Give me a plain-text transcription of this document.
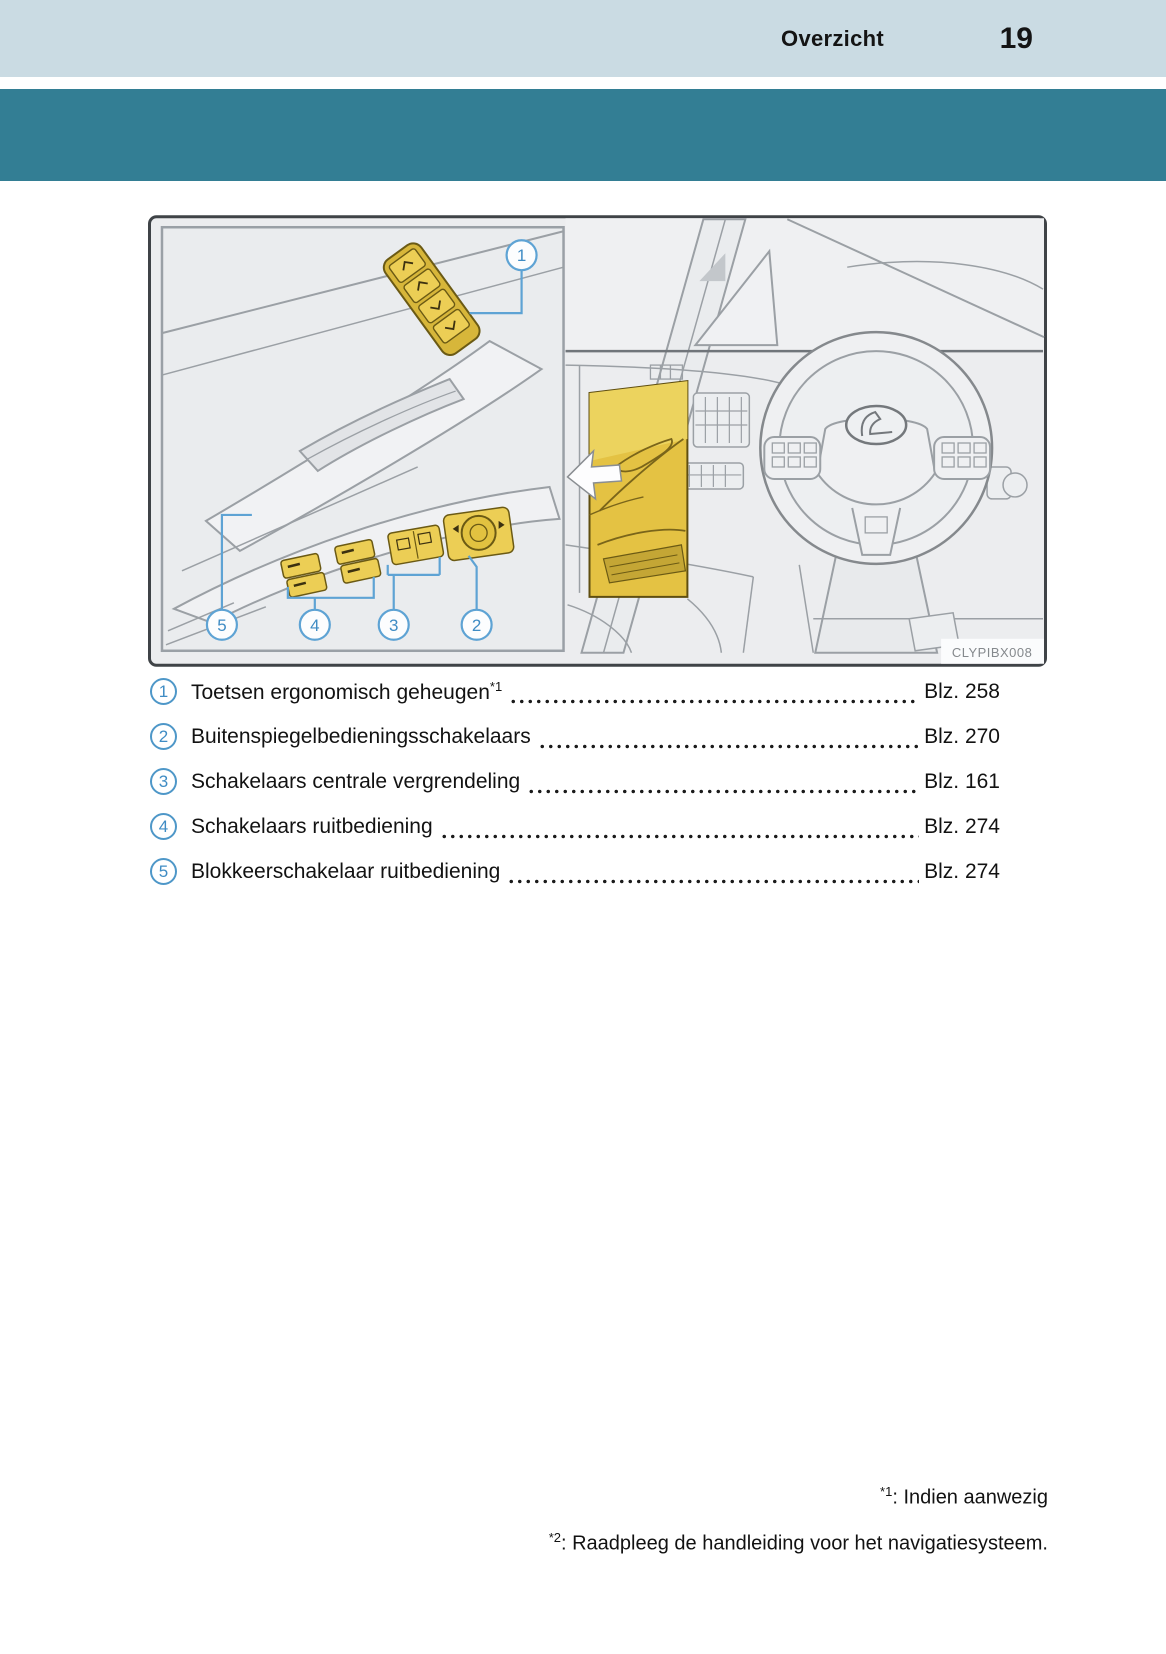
Overzicht	19
1
5	4	3	2
CLYPIBX008
1	Toetsen ergonomisch geheugen$^{*1}$	Blz. 258
2	Buitenspiegelbedieningsschakelaars	Blz. 270
3	Schakelaars centrale vergrendeling	Blz. 161
4	Schakelaars ruitbediening	Blz. 274
5	Blokkeerschakelaar ruitbediening	Blz. 274
$^{*1}$: Indien aanwezig
$^{*2}$: Raadpleeg de handleiding voor het navigatiesysteem.
